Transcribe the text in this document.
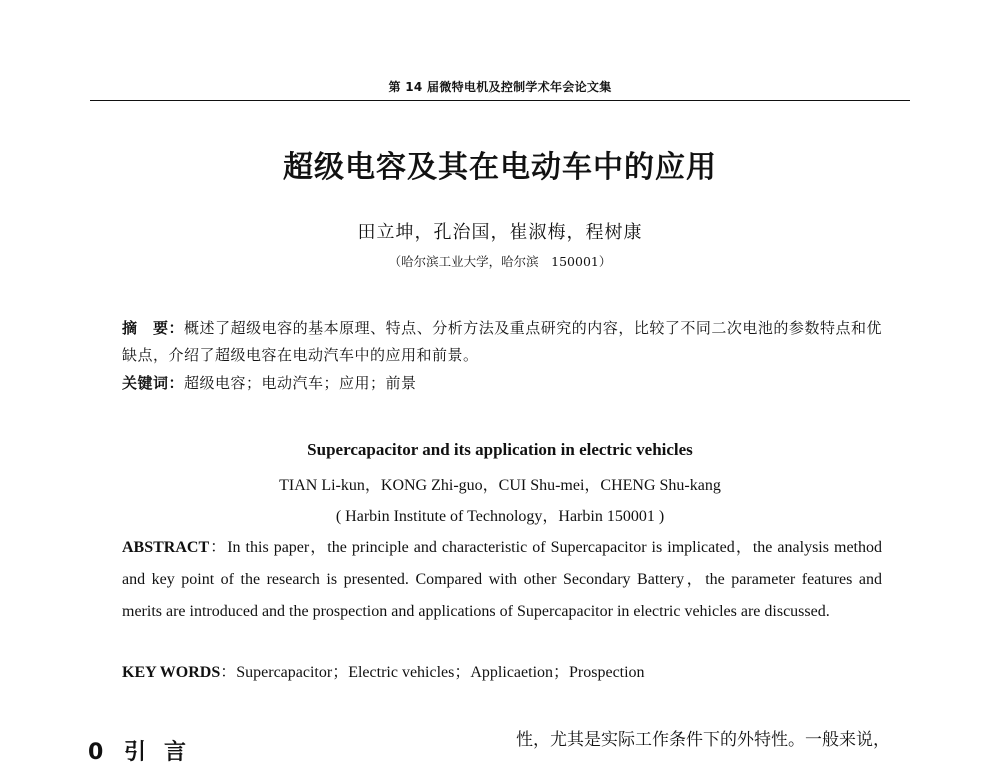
第 14 届微特电机及控制学术年会论文集
超级电容及其在电动车中的应用
田立坤，孔治国，崔淑梅，程树康
（哈尔滨工业大学，哈尔滨　150001）
摘　要：概述了超级电容的基本原理、特点、分析方法及重点研究的内容，比较了不同二次电池的参数特点和优缺点，介绍了超级电容在电动汽车中的应用和前景。
关键词：超级电容；电动汽车；应用；前景
Supercapacitor and its application in electric vehicles
TIAN Li-kun，KONG Zhi-guo，CUI Shu-mei，CHENG Shu-kang
( Harbin Institute of Technology，Harbin 150001 )
ABSTRACT：In this paper，the principle and characteristic of Supercapacitor is implicated，the analysis method and key point of the research is presented. Compared with other Secondary Battery，the parameter features and merits are introduced and the prospection and applications of Supercapacitor in electric vehicles are discussed.
KEY WORDS：Supercapacitor；Electric vehicles；Applicaetion；Prospection
0 引言	性，尤其是实际工作条件下的外特性。一般来说，
